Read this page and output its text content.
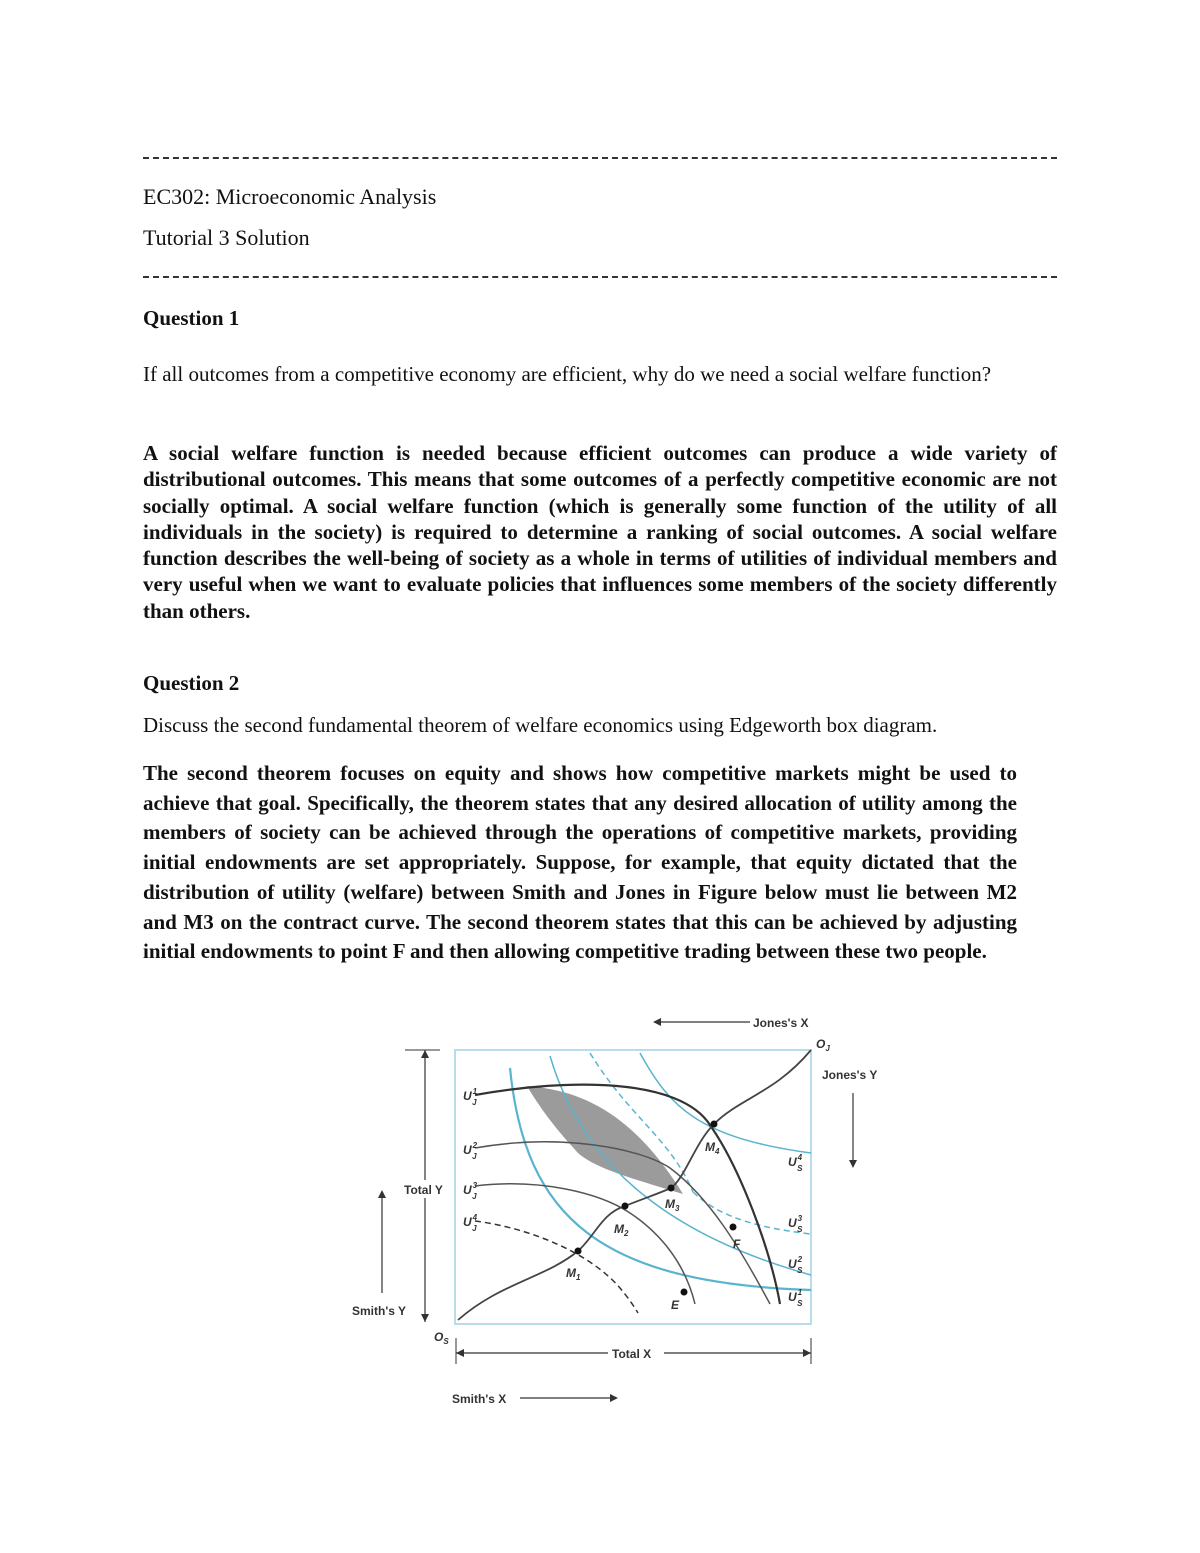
EC302: Microeconomic Analysis
Tutorial 3 Solution
Question 1
If all outcomes from a competitive economy are efficient, why do we need a social welfare function?
A social welfare function is needed because efficient outcomes can produce a wide variety of distributional outcomes. This means that some outcomes of a perfectly competitive economic are not socially optimal. A social welfare function (which is generally some function of the utility of all individuals in the society) is required to determine a ranking of social outcomes. A social welfare function describes the well-being of society as a whole in terms of utilities of individual members and very useful when we want to evaluate policies that influences some members of the society differently than others.
Question 2
Discuss the second fundamental theorem of welfare economics using Edgeworth box diagram.
The second theorem focuses on equity and shows how competitive markets might be used to achieve that goal. Specifically, the theorem states that any desired allocation of utility among the members of society can be achieved through the operations of competitive markets, providing initial endowments are set appropriately. Suppose, for example, that equity dictated that the distribution of utility (welfare) between Smith and Jones in Figure below must lie between M2 and M3 on the contract curve. The second theorem states that this can be achieved by adjusting initial endowments to point F and then allowing competitive trading between these two people.
$M_1$
$M_2$
$M_3$
$M_4$
F
E
$U^1$ J
$U^2$ J
$U^3$ J
$U^4$ J
$U^4$ S
$U^3$ S
$U^2$ S
$U^1$ S
Jones's X
$O_J$
Jones's Y
Total Y
Smith's Y
$O_S$
Total X
Smith's X
